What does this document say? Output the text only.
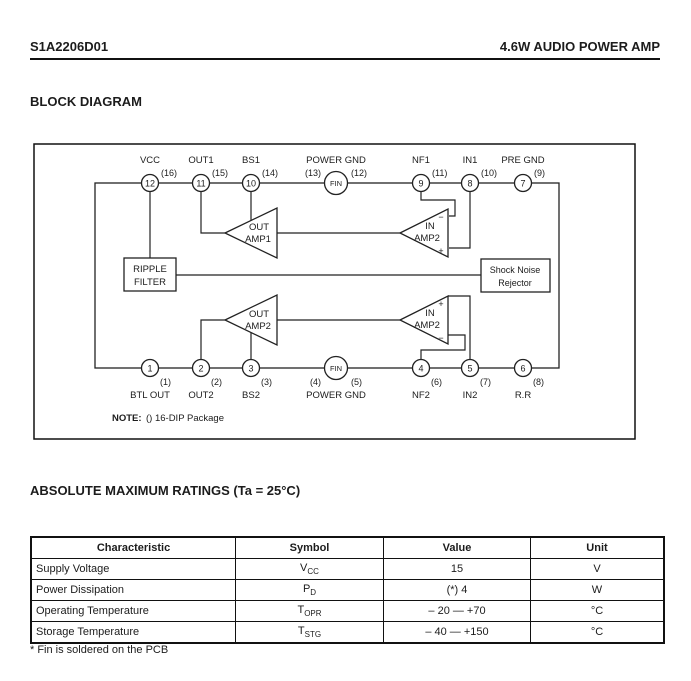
S1A2206D01	4.6W AUDIO POWER AMP
BLOCK DIAGRAM
OUT
AMP1
IN
AMP2
−
+
OUT
AMP2
IN
AMP2
+
−
RIPPLE
FILTER
Shock Noise
Rejector
12
(16)
VCC
11
(15)
OUT1
10
(14)
BS1
FIN
(13)	(12)
POWER GND
9
(11)
NF1
8
(10)
IN1
7
(9)
PRE GND
1
(1)
BTL OUT
2
(2)
OUT2
3
(3)
BS2
FIN
(4)	(5)
POWER GND
4
(6)
NF2
5
(7)
IN2
6
(8)
R.R
NOTE: () 16-DIP Package
ABSOLUTE MAXIMUM RATINGS (Ta = 25°C)
Characteristic	Symbol	Value	Unit
Supply Voltage	$V_{CC}$	15	V
Power Dissipation	$P_D$	(*) 4	W
Operating Temperature	$T_{OPR}$	– 20 — +70	°C
Storage Temperature	$T_{STG}$	– 40 — +150	°C
* Fin is soldered on the PCB
